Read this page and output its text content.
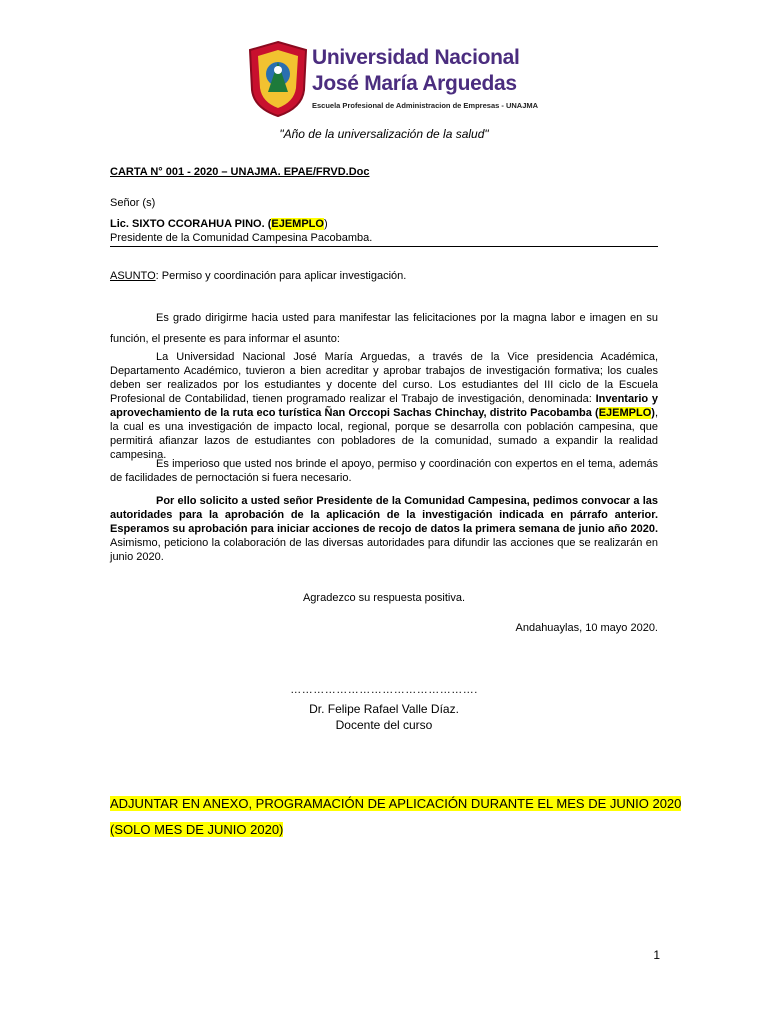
Universidad Nacional
José María Arguedas
Escuela Profesional de Administracion de Empresas - UNAJMA
"Año de la universalización de la salud"
CARTA N° 001 - 2020 – UNAJMA. EPAE/FRVD.Doc
Señor (s)
Lic. SIXTO CCORAHUA PINO. (EJEMPLO)
Presidente de la Comunidad Campesina Pacobamba.
ASUNTO: Permiso y coordinación para aplicar investigación.
Es grado dirigirme hacia usted para manifestar las felicitaciones por la magna labor e imagen en su función, el presente es para informar el asunto:
La Universidad Nacional José María Arguedas, a través de la Vice presidencia Académica, Departamento Académico, tuvieron a bien acreditar y aprobar trabajos de investigación formativa; los cuales deben ser realizados por los estudiantes y docente del curso. Los estudiantes del III ciclo de la Escuela Profesional de Contabilidad, tienen programado realizar el Trabajo de investigación, denominada: Inventario y aprovechamiento de la ruta eco turística Ñan Orccopi Sachas Chinchay, distrito Pacobamba (EJEMPLO), la cual es una investigación de impacto local, regional, porque se desarrolla con población campesina, que permitirá afianzar lazos de estudiantes con pobladores de la comunidad, sumado a expandir la realidad campesina.
Es imperioso que usted nos brinde el apoyo, permiso y coordinación con expertos en el tema, además de facilidades de pernoctación si fuera necesario.
Por ello solicito a usted señor Presidente de la Comunidad Campesina, pedimos convocar a las autoridades para la aprobación de la aplicación de la investigación indicada en párrafo anterior. Esperamos su aprobación para iniciar acciones de recojo de datos la primera semana de junio año 2020. Asimismo, peticiono la colaboración de las diversas autoridades para difundir las acciones que se realizarán en junio 2020.
Agradezco su respuesta positiva.
Andahuaylas, 10 mayo 2020.
………………………………………….
Dr. Felipe Rafael Valle Díaz.
Docente del curso
ADJUNTAR EN ANEXO, PROGRAMACIÓN DE APLICACIÓN DURANTE EL MES DE JUNIO 2020
(SOLO MES DE JUNIO 2020)
1
